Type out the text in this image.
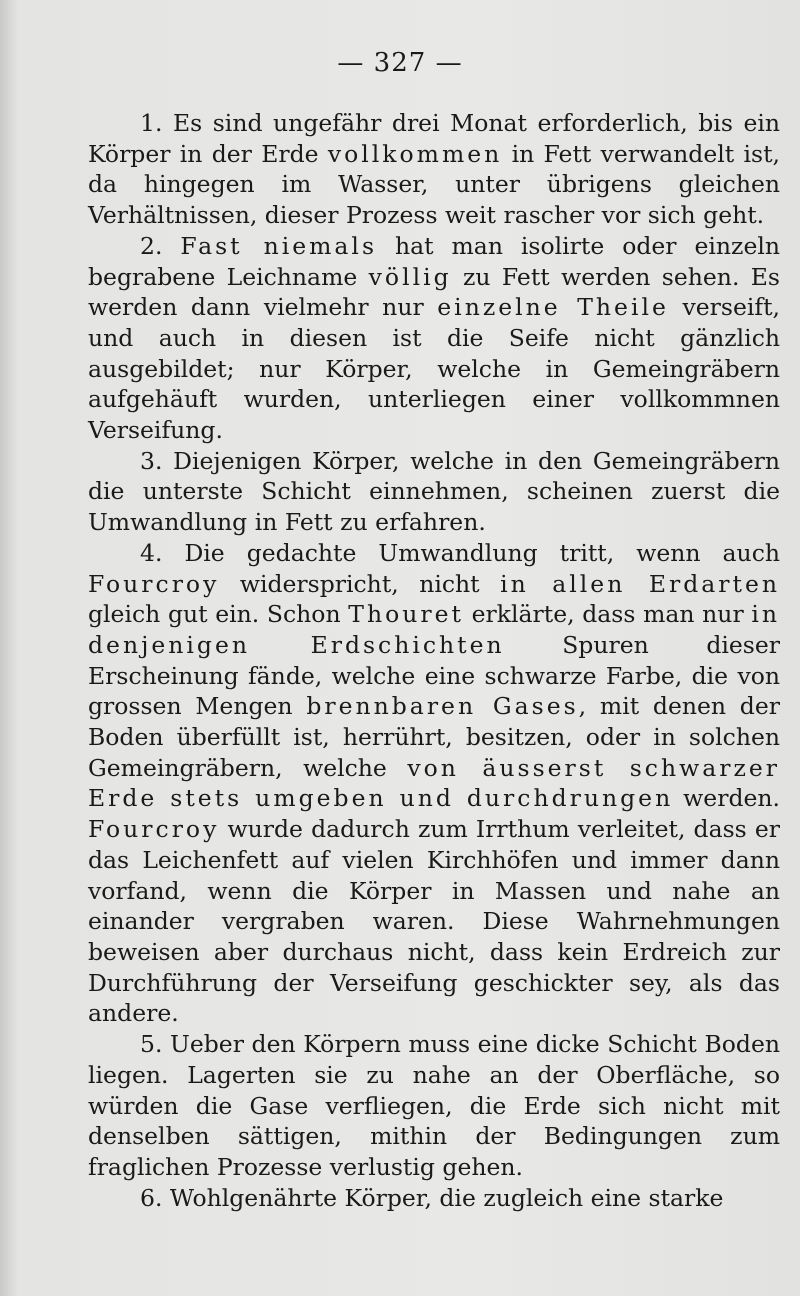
— 327 —

1. Es sind ungefähr drei Monat erforderlich, bis ein Körper in der Erde vollkommen in Fett verwandelt ist, da hingegen im Wasser, unter übrigens gleichen Verhältnissen, dieser Prozess weit rascher vor sich geht.

2. Fast niemals hat man isolirte oder einzeln begrabene Leichname völlig zu Fett werden sehen. Es werden dann vielmehr nur einzelne Theile verseift, und auch in diesen ist die Seife nicht gänzlich ausgebildet; nur Körper, welche in Gemeingräbern aufgehäuft wurden, unterliegen einer vollkommnen Verseifung.

3. Diejenigen Körper, welche in den Gemeingräbern die unterste Schicht einnehmen, scheinen zuerst die Umwandlung in Fett zu erfahren.

4. Die gedachte Umwandlung tritt, wenn auch Fourcroy widerspricht, nicht in allen Erdarten gleich gut ein. Schon Thouret erklärte, dass man nur in denjenigen Erdschichten Spuren dieser Erscheinung fände, welche eine schwarze Farbe, die von grossen Mengen brennbaren Gases, mit denen der Boden überfüllt ist, herrührt, besitzen, oder in solchen Gemeingräbern, welche von äusserst schwarzer Erde stets umgeben und durchdrungen werden. Fourcroy wurde dadurch zum Irrthum verleitet, dass er das Leichenfett auf vielen Kirchhöfen und immer dann vorfand, wenn die Körper in Massen und nahe an einander vergraben waren. Diese Wahrnehmungen beweisen aber durchaus nicht, dass kein Erdreich zur Durchführung der Verseifung geschickter sey, als das andere.

5. Ueber den Körpern muss eine dicke Schicht Boden liegen. Lagerten sie zu nahe an der Oberfläche, so würden die Gase verfliegen, die Erde sich nicht mit denselben sättigen, mithin der Bedingungen zum fraglichen Prozesse verlustig gehen.

6. Wohlgenährte Körper, die zugleich eine starke
